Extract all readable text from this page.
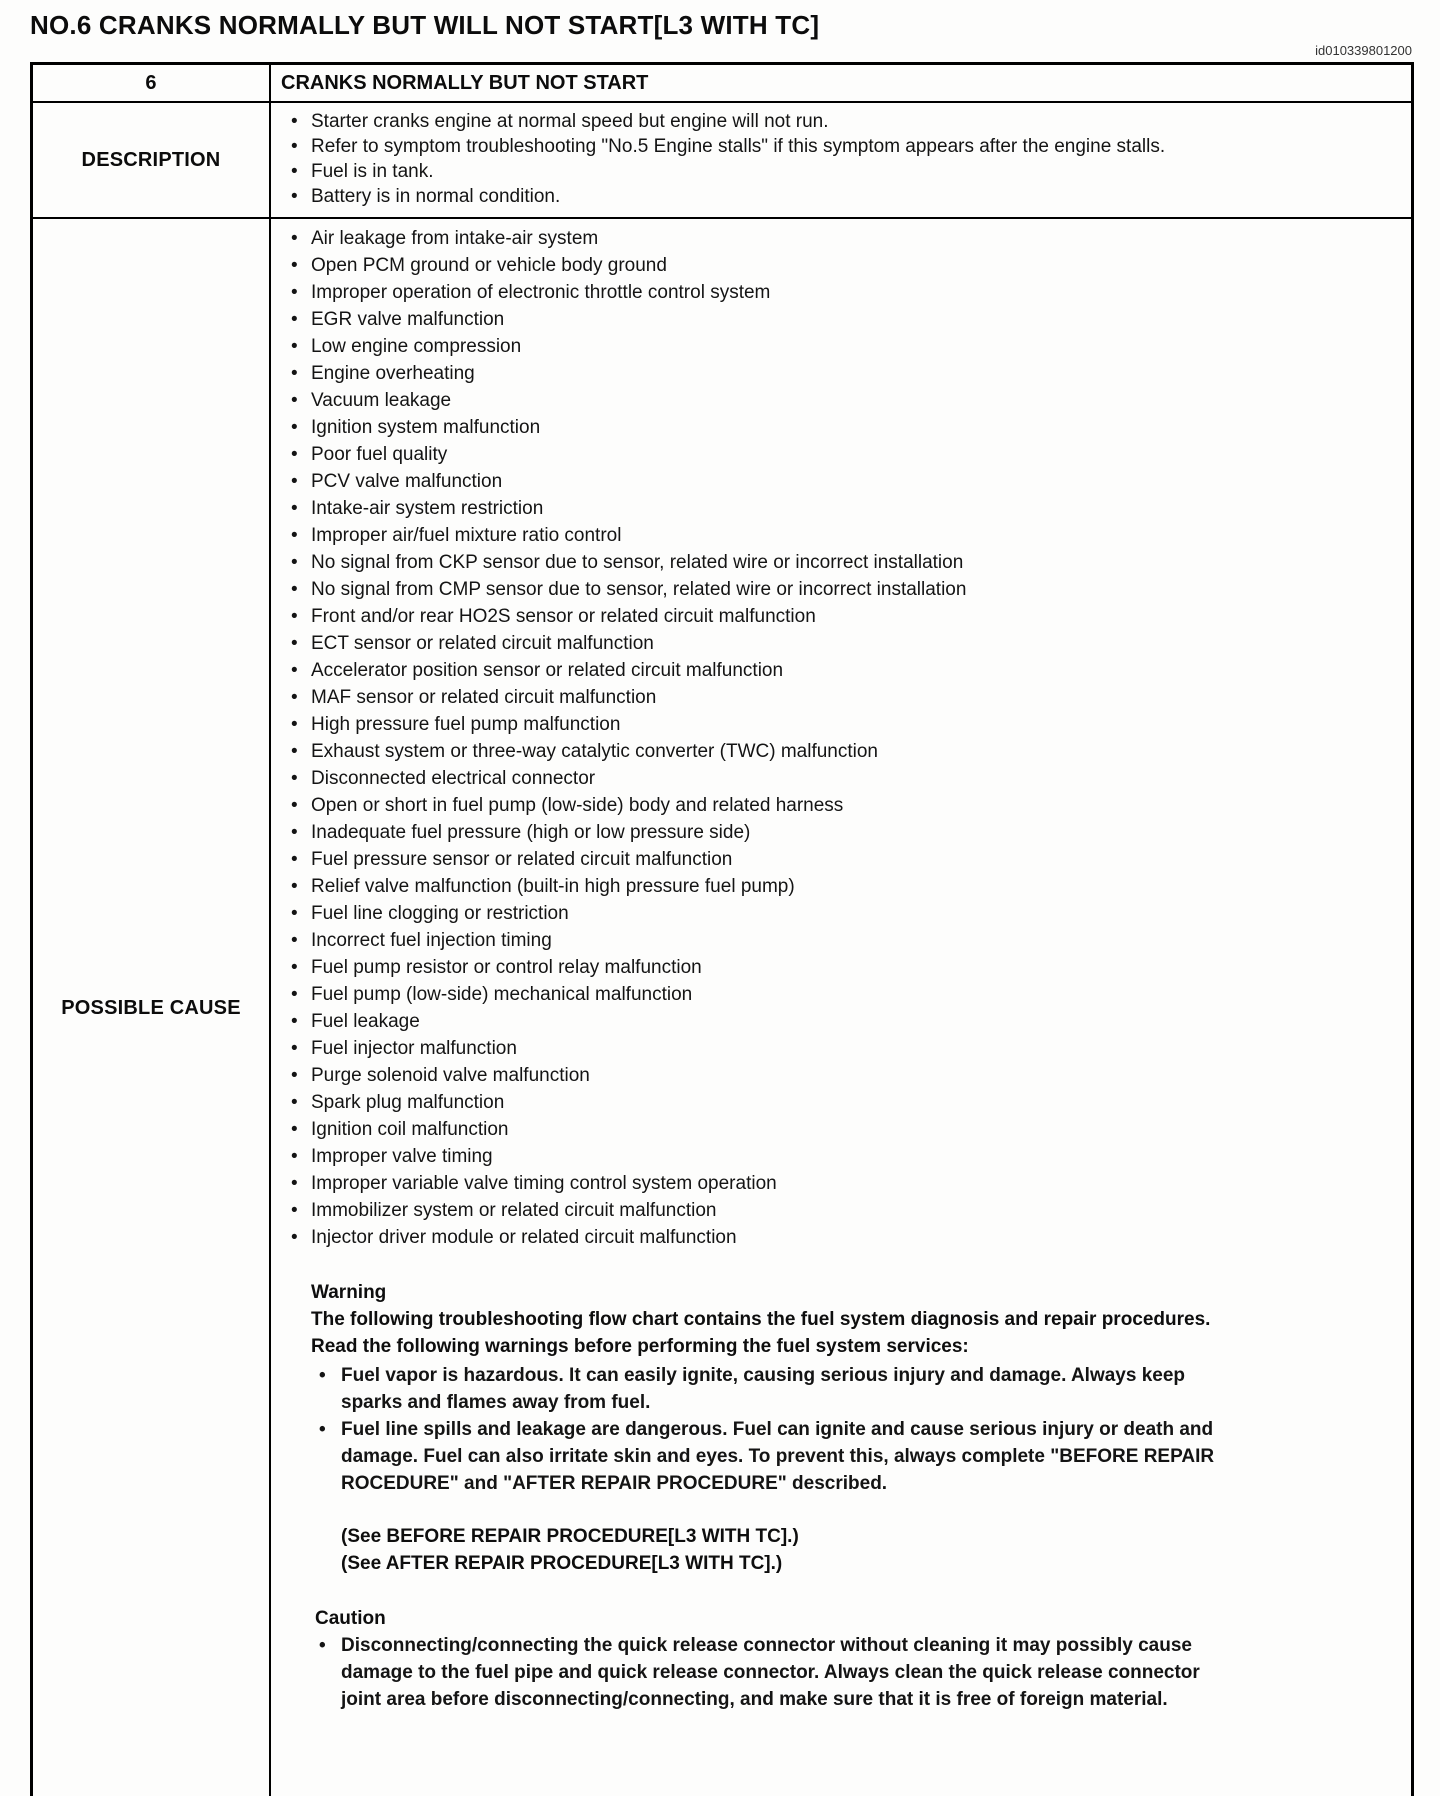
NO.6 CRANKS NORMALLY BUT WILL NOT START[L3 WITH TC]
id010339801200
6	CRANKS NORMALLY BUT NOT START
DESCRIPTION
• Starter cranks engine at normal speed but engine will not run.
• Refer to symptom troubleshooting "No.5 Engine stalls" if this symptom appears after the engine stalls.
• Fuel is in tank.
• Battery is in normal condition.
POSSIBLE CAUSE
• Air leakage from intake-air system
• Open PCM ground or vehicle body ground
• Improper operation of electronic throttle control system
• EGR valve malfunction
• Low engine compression
• Engine overheating
• Vacuum leakage
• Ignition system malfunction
• Poor fuel quality
• PCV valve malfunction
• Intake-air system restriction
• Improper air/fuel mixture ratio control
• No signal from CKP sensor due to sensor, related wire or incorrect installation
• No signal from CMP sensor due to sensor, related wire or incorrect installation
• Front and/or rear HO2S sensor or related circuit malfunction
• ECT sensor or related circuit malfunction
• Accelerator position sensor or related circuit malfunction
• MAF sensor or related circuit malfunction
• High pressure fuel pump malfunction
• Exhaust system or three-way catalytic converter (TWC) malfunction
• Disconnected electrical connector
• Open or short in fuel pump (low-side) body and related harness
• Inadequate fuel pressure (high or low pressure side)
• Fuel pressure sensor or related circuit malfunction
• Relief valve malfunction (built-in high pressure fuel pump)
• Fuel line clogging or restriction
• Incorrect fuel injection timing
• Fuel pump resistor or control relay malfunction
• Fuel pump (low-side) mechanical malfunction
• Fuel leakage
• Fuel injector malfunction
• Purge solenoid valve malfunction
• Spark plug malfunction
• Ignition coil malfunction
• Improper valve timing
• Improper variable valve timing control system operation
• Immobilizer system or related circuit malfunction
• Injector driver module or related circuit malfunction
Warning

The following troubleshooting flow chart contains the fuel system diagnosis and repair procedures. Read the following warnings before performing the fuel system services:

• Fuel vapor is hazardous. It can easily ignite, causing serious injury and damage. Always keep sparks and flames away from fuel.
• Fuel line spills and leakage are dangerous. Fuel can ignite and cause serious injury or death and damage. Fuel can also irritate skin and eyes. To prevent this, always complete "BEFORE REPAIR ROCEDURE" and "AFTER REPAIR PROCEDURE" described.
(See BEFORE REPAIR PROCEDURE[L3 WITH TC].)
(See AFTER REPAIR PROCEDURE[L3 WITH TC].)
Caution
• Disconnecting/connecting the quick release connector without cleaning it may possibly cause damage to the fuel pipe and quick release connector. Always clean the quick release connector joint area before disconnecting/connecting, and make sure that it is free of foreign material.
